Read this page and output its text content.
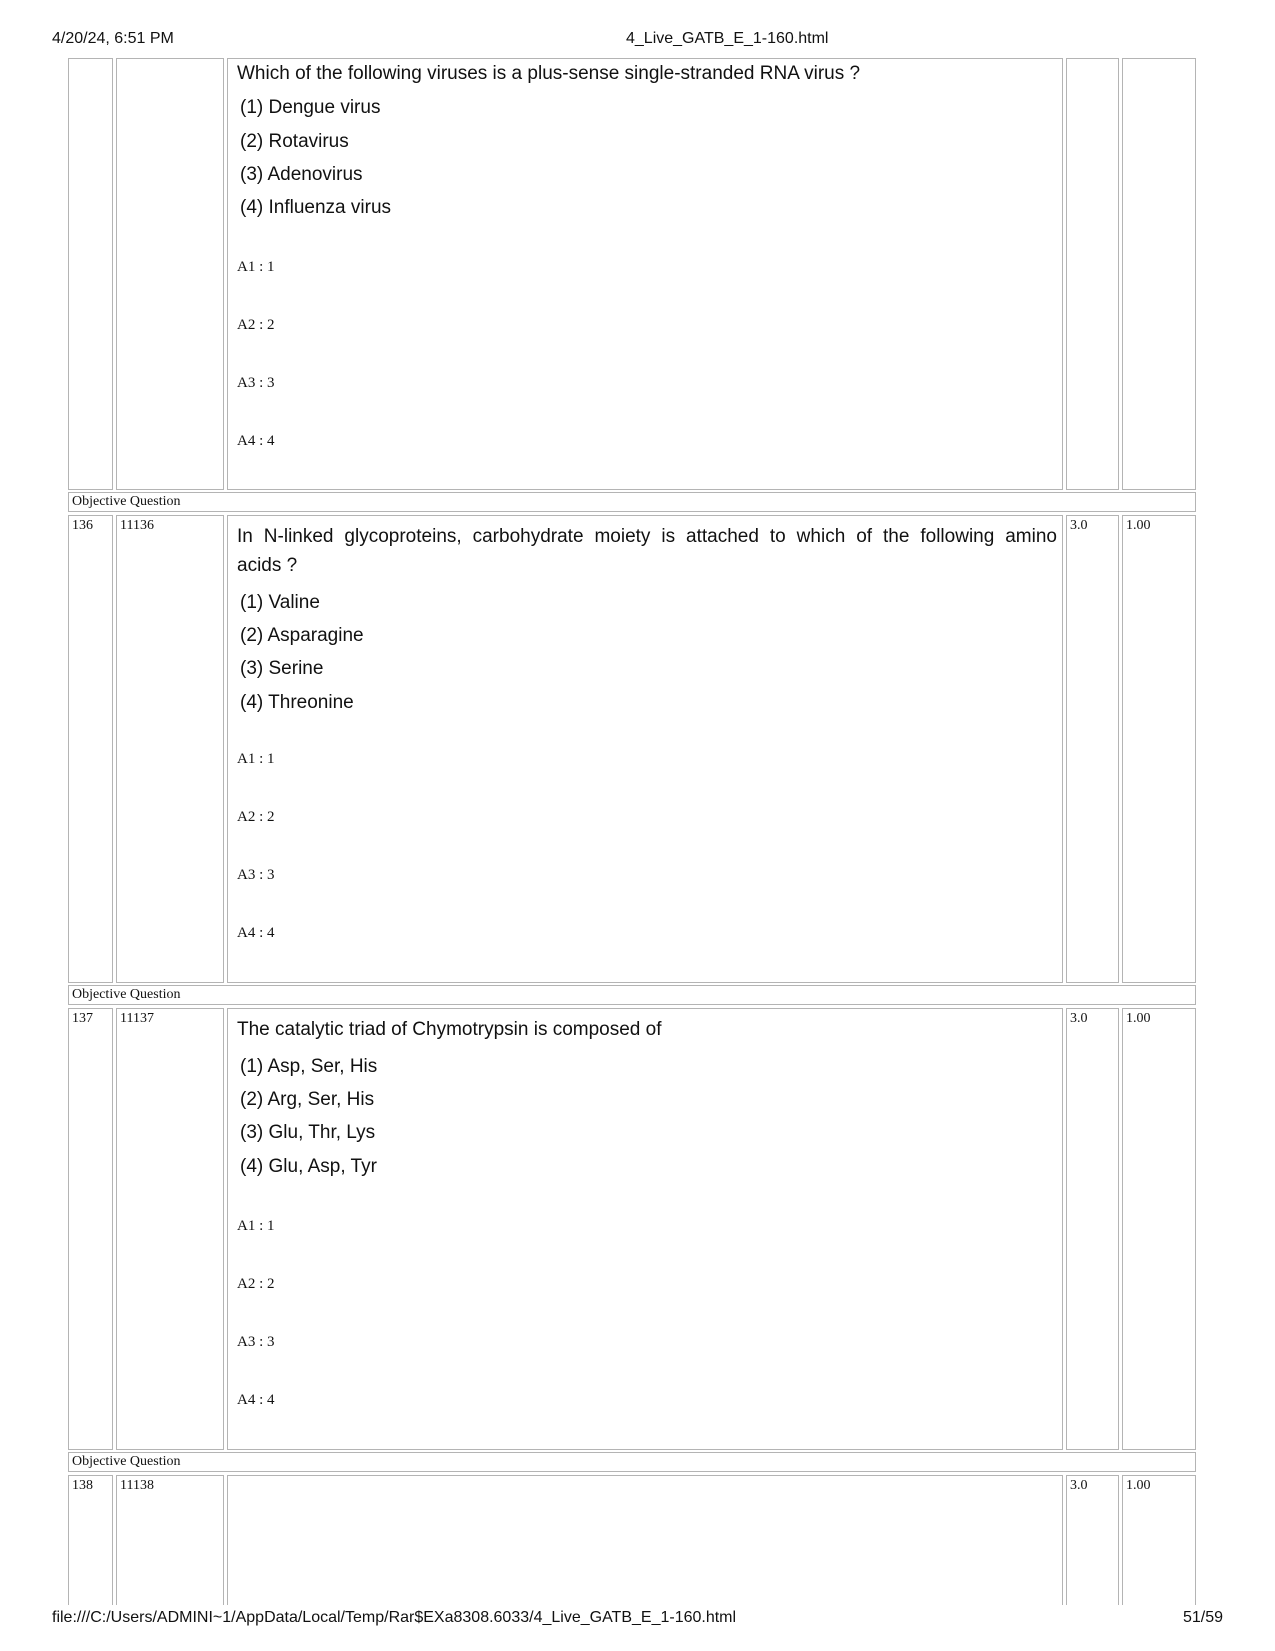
4/20/24, 6:51 PM	4_Live_GATB_E_1-160.html
file:///C:/Users/ADMINI~1/AppData/Local/Temp/Rar$EXa8308.6033/4_Live_GATB_E_1-160.html	51/59
Which of the following viruses is a plus-sense single-stranded RNA virus ?
(1) Dengue virus
(2) Rotavirus
(3) Adenovirus
(4) Influenza virus
A1 : 1
A2 : 2
A3 : 3
A4 : 4
Objective Question
136 11136
In N-linked glycoproteins, carbohydrate moiety is attached to which of the following amino
acids ?
(1) Valine
(2) Asparagine
(3) Serine
(4) Threonine
A1 : 1
A2 : 2
A3 : 3
A4 : 4
3.0	1.00
Objective Question
137 11137
The catalytic triad of Chymotrypsin is composed of
(1) Asp, Ser, His
(2) Arg, Ser, His
(3) Glu, Thr, Lys
(4) Glu, Asp, Tyr
A1 : 1
A2 : 2
A3 : 3
A4 : 4
3.0	1.00
Objective Question
138 11138	3.0	1.00
